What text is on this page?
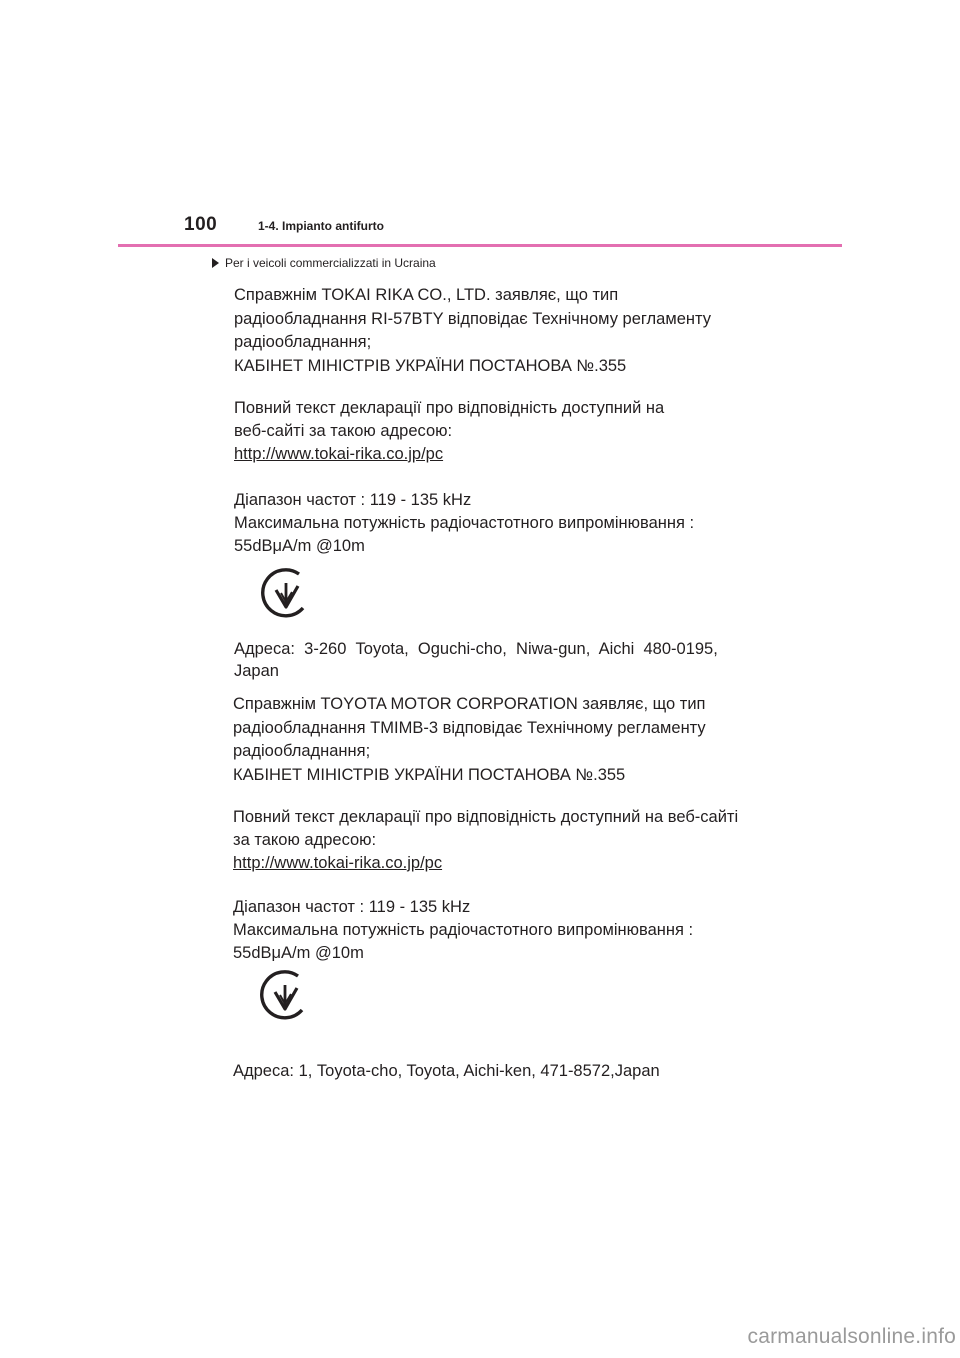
100	1-4. Impianto antifurto
Per i veicoli commercializzati in Ucraina
Справжнім TOKAI RIKA CO., LTD. заявляє, що тип
радіообладнання RI-57BTY відповідає Технічному регламенту
радіообладнання;
КАБІНЕТ МІНІСТРІВ УКРАЇНИ ПОСТАНОВА №.355
Повний текст декларації про відповідність доступний на
веб-сайті за такою адресою:
http://www.tokai-rika.co.jp/pc
Діапазон частот : 119 - 135 kHz
Максимальна потужність радіочастотного випромінювання :
55dBμA/m @10m
Адреса:  3-260  Toyota,  Oguchi-cho,  Niwa-gun,  Aichi  480-0195,
Japan
Справжнім TOYOTA MOTOR CORPORATION заявляє, що тип
радіообладнання TMIMB-3 відповідає Технічному регламенту
радіообладнання;
КАБІНЕТ МІНІСТРІВ УКРАЇНИ ПОСТАНОВА №.355
Повний текст декларації про відповідність доступний на веб-сайті
за такою адресою:
http://www.tokai-rika.co.jp/pc
Діапазон частот : 119 - 135 kHz
Максимальна потужність радіочастотного випромінювання :
55dBμA/m @10m
Адреса: 1, Toyota-cho, Toyota, Aichi-ken, 471-8572,Japan
carmanualsonline.info
